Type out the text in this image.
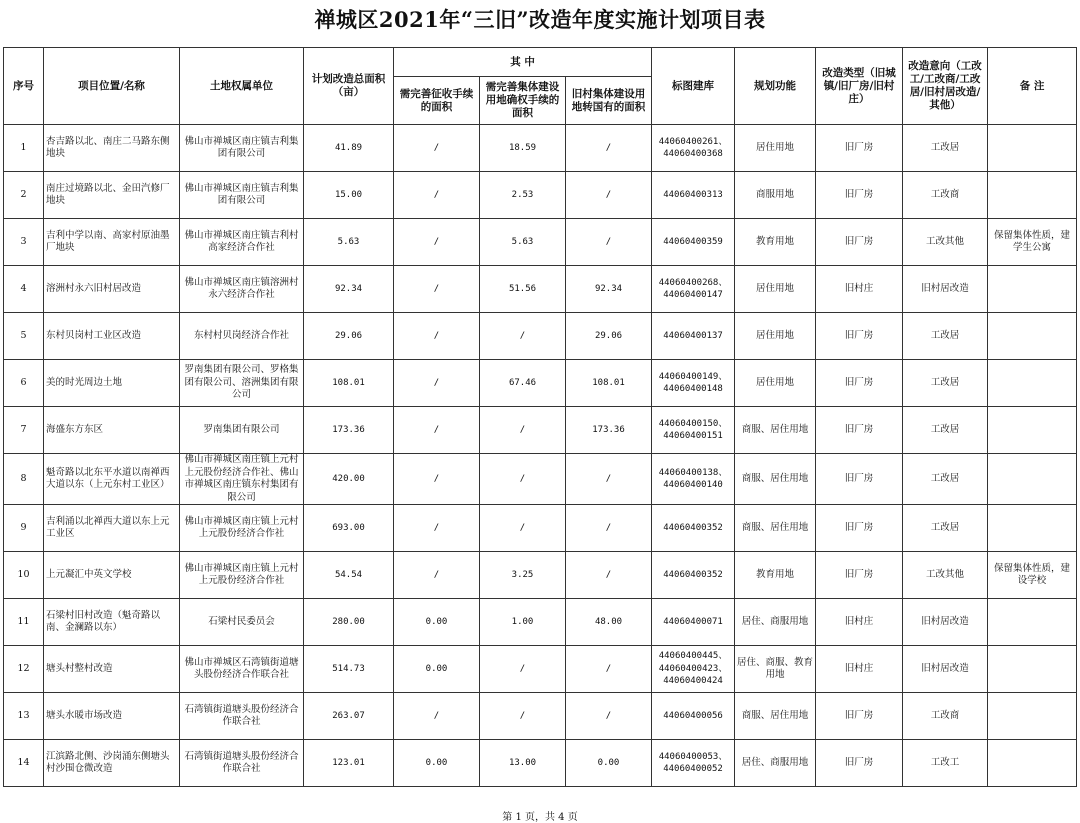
禅城区2021年“三旧”改造年度实施计划项目表
序号	项目位置/名称	土地权属单位	计划改造总面积（亩）	其 中			标图建库	规划功能	改造类型（旧城镇/旧厂房/旧村庄）	改造意向（工改工/工改商/工改居/旧村居改造/其他）	备 注
				需完善征收手续的面积	需完善集体建设用地确权手续的面积	旧村集体建设用地转国有的面积					
1	杏吉路以北、南庄二马路东侧地块	佛山市禅城区南庄镇吉利集团有限公司	41.89	/	18.59	/	44060400261、44060400368	居住用地	旧厂房	工改居	
2	南庄过境路以北、金田汽修厂地块	佛山市禅城区南庄镇吉利集团有限公司	15.00	/	2.53	/	44060400313	商服用地	旧厂房	工改商	
3	吉利中学以南、高家村原油墨厂地块	佛山市禅城区南庄镇吉利村高家经济合作社	5.63	/	5.63	/	44060400359	教育用地	旧厂房	工改其他	保留集体性质，建学生公寓
4	溶洲村永六旧村居改造	佛山市禅城区南庄镇溶洲村永六经济合作社	92.34	/	51.56	92.34	44060400268、44060400147	居住用地	旧村庄	旧村居改造	
5	东村贝岗村工业区改造	东村村贝岗经济合作社	29.06	/	/	29.06	44060400137	居住用地	旧厂房	工改居	
6	美的时光周边土地	罗南集团有限公司、罗格集团有限公司、溶洲集团有限公司	108.01	/	67.46	108.01	44060400149、44060400148	居住用地	旧厂房	工改居	
7	海盛东方东区	罗南集团有限公司	173.36	/	/	173.36	44060400150、44060400151	商服、居住用地	旧厂房	工改居	
8	魁奇路以北东平水道以南禅西大道以东（上元东村工业区）	佛山市禅城区南庄镇上元村上元股份经济合作社、佛山市禅城区南庄镇东村集团有限公司	420.00	/	/	/	44060400138、44060400140	商服、居住用地	旧厂房	工改居	
9	吉利涌以北禅西大道以东上元工业区	佛山市禅城区南庄镇上元村上元股份经济合作社	693.00	/	/	/	44060400352	商服、居住用地	旧厂房	工改居	
10	上元凝汇中英文学校	佛山市禅城区南庄镇上元村上元股份经济合作社	54.54	/	3.25	/	44060400352	教育用地	旧厂房	工改其他	保留集体性质，建设学校
11	石梁村旧村改造（魁奇路以南、金澜路以东）	石梁村民委员会	280.00	0.00	1.00	48.00	44060400071	居住、商服用地	旧村庄	旧村居改造	
12	塘头村整村改造	佛山市禅城区石湾镇街道塘头股份经济合作联合社	514.73	0.00	/	/	44060400445、44060400423、44060400424	居住、商服、教育用地	旧村庄	旧村居改造	
13	塘头水暖市场改造	石湾镇街道塘头股份经济合作联合社	263.07	/	/	/	44060400056	商服、居住用地	旧厂房	工改商	
14	江滨路北侧、沙岗涌东侧塘头村沙围仓微改造	石湾镇街道塘头股份经济合作联合社	123.01	0.00	13.00	0.00	44060400053、44060400052	居住、商服用地	旧厂房	工改工	
第 1 页，共 4 页
